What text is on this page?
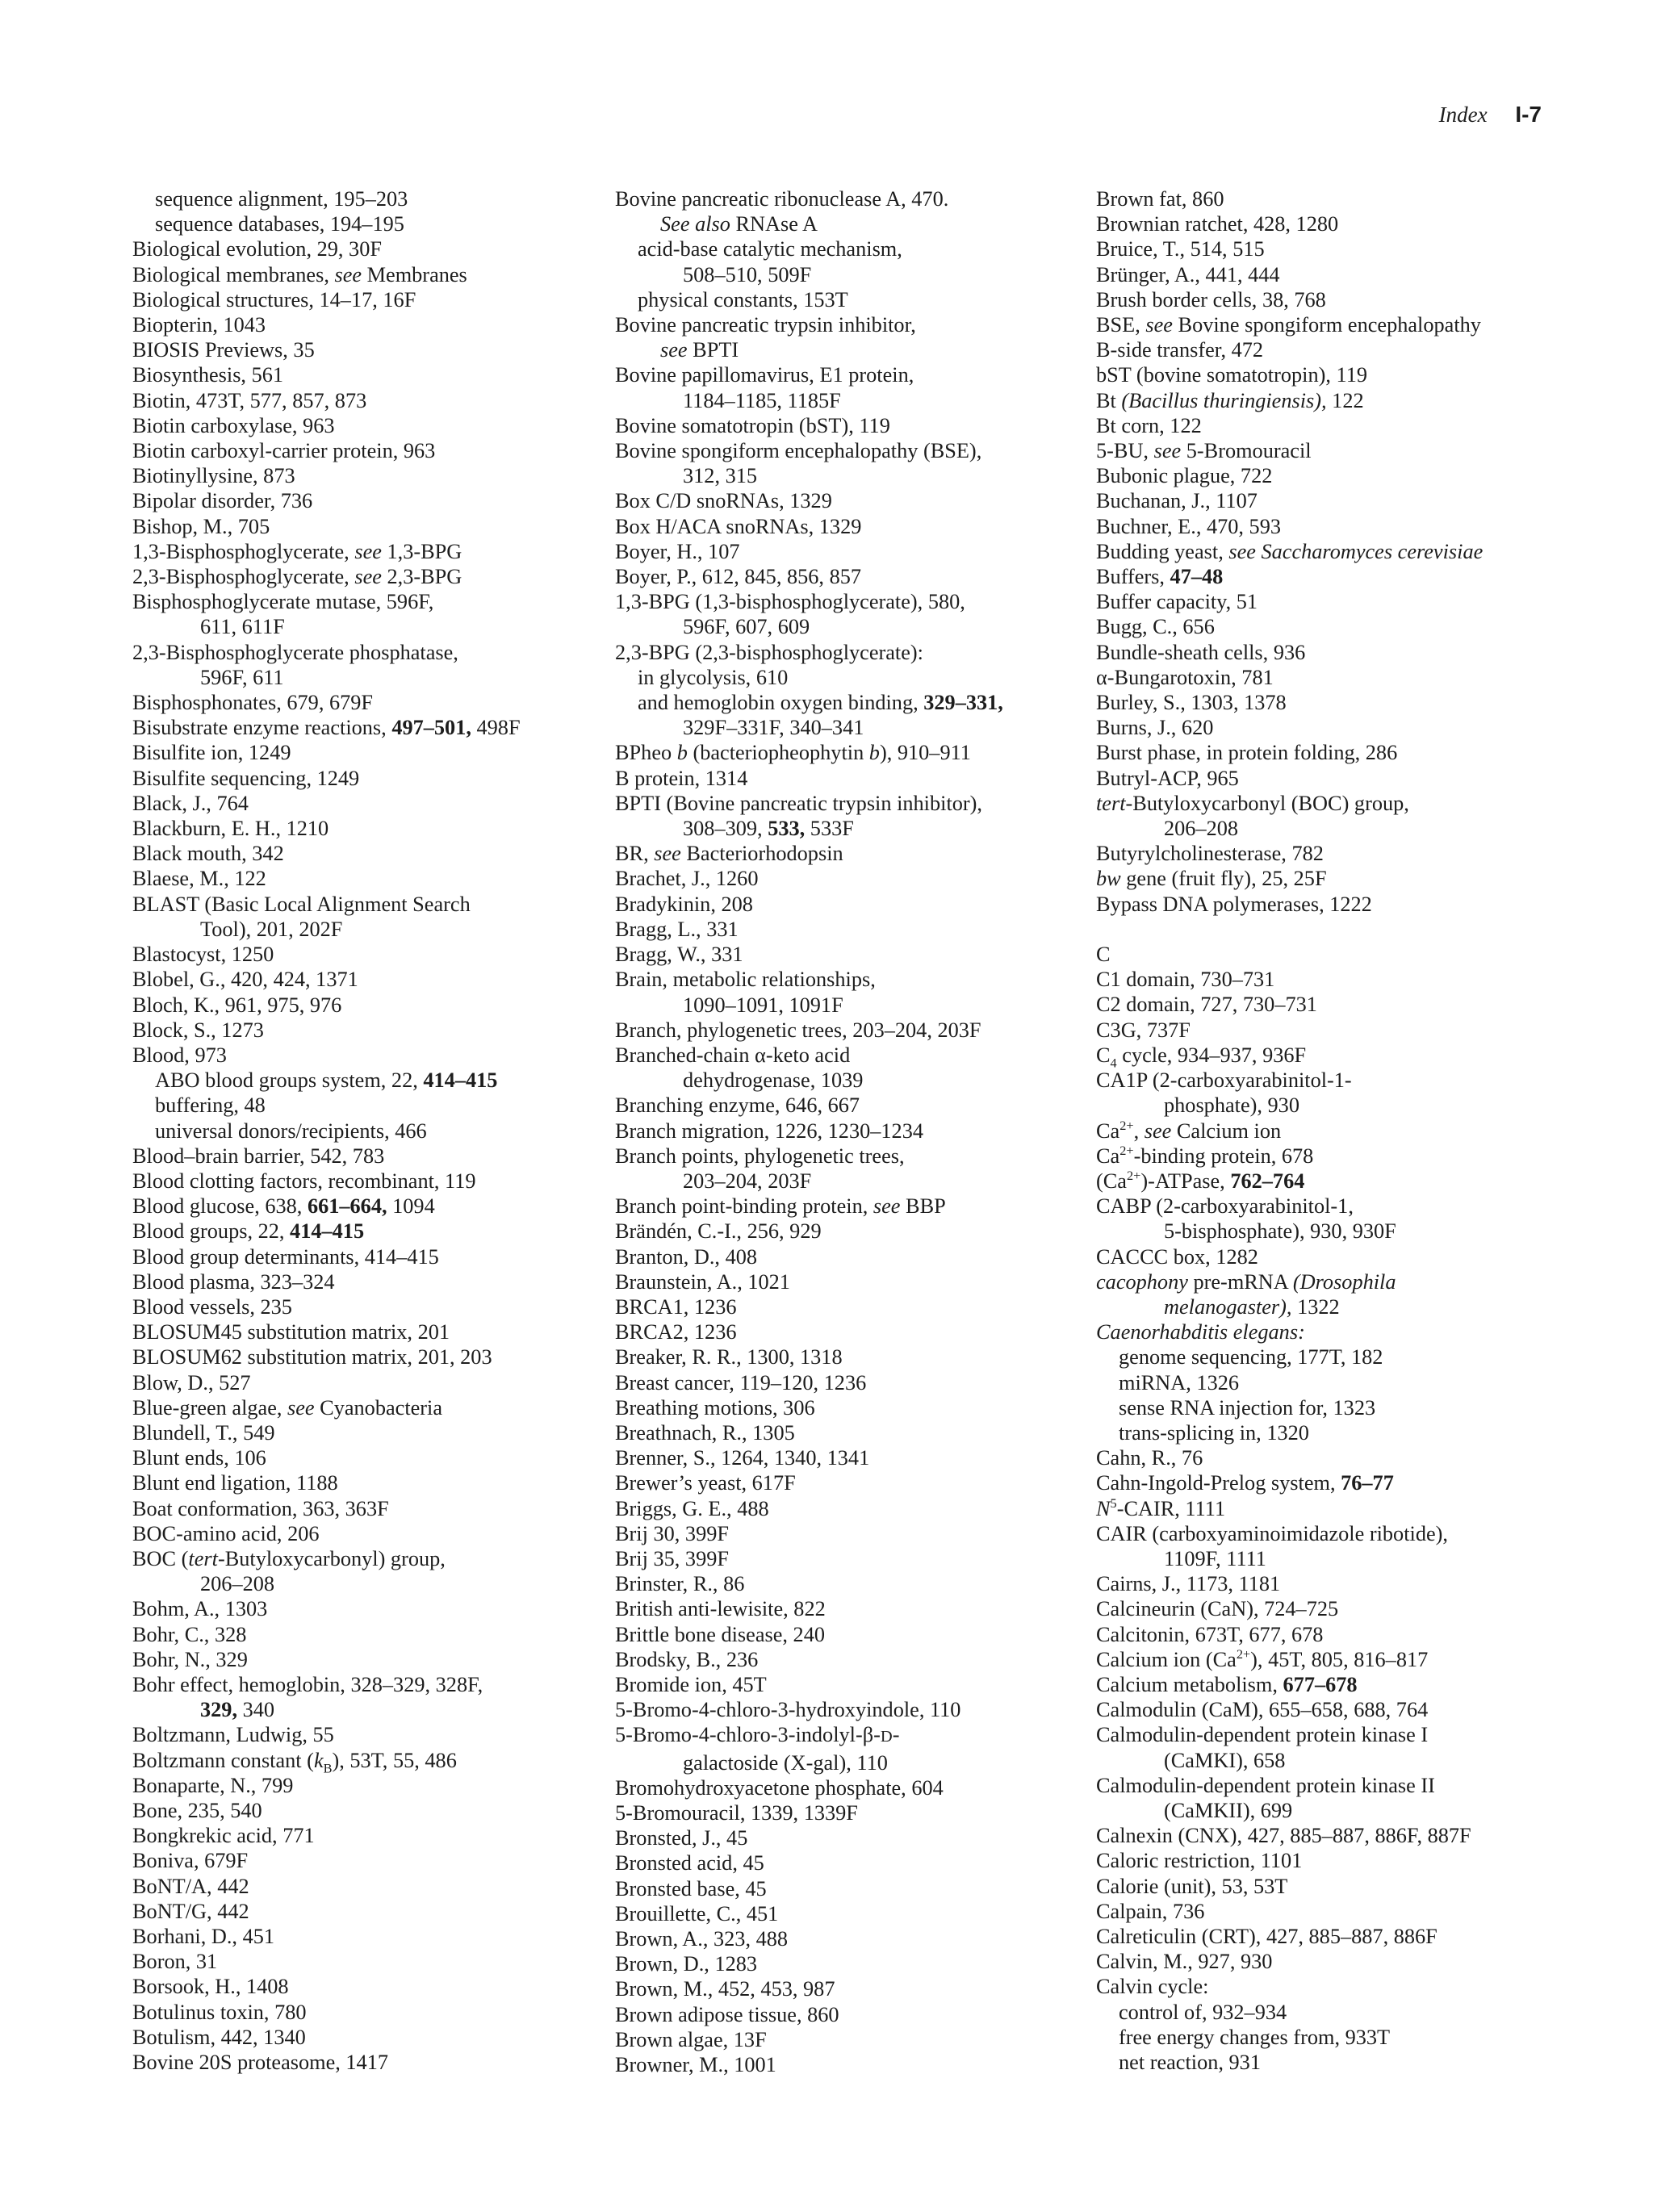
Index I-7
sequence alignment, 195–203
sequence databases, 194–195
Biological evolution, 29, 30F
Biological membranes, see Membranes
Biological structures, 14–17, 16F
Biopterin, 1043
BIOSIS Previews, 35
Biosynthesis, 561
Biotin, 473T, 577, 857, 873
Biotin carboxylase, 963
Biotin carboxyl-carrier protein, 963
Biotinyllysine, 873
Bipolar disorder, 736
Bishop, M., 705
1,3-Bisphosphoglycerate, see 1,3-BPG
2,3-Bisphosphoglycerate, see 2,3-BPG
Bisphosphoglycerate mutase, 596F,
611, 611F
2,3-Bisphosphoglycerate phosphatase,
596F, 611
Bisphosphonates, 679, 679F
Bisubstrate enzyme reactions, 497–501, 498F
Bisulfite ion, 1249
Bisulfite sequencing, 1249
Black, J., 764
Blackburn, E. H., 1210
Black mouth, 342
Blaese, M., 122
BLAST (Basic Local Alignment Search
Tool), 201, 202F
Blastocyst, 1250
Blobel, G., 420, 424, 1371
Bloch, K., 961, 975, 976
Block, S., 1273
Blood, 973
ABO blood groups system, 22, 414–415
buffering, 48
universal donors/recipients, 466
Blood–brain barrier, 542, 783
Blood clotting factors, recombinant, 119
Blood glucose, 638, 661–664, 1094
Blood groups, 22, 414–415
Blood group determinants, 414–415
Blood plasma, 323–324
Blood vessels, 235
BLOSUM45 substitution matrix, 201
BLOSUM62 substitution matrix, 201, 203
Blow, D., 527
Blue-green algae, see Cyanobacteria
Blundell, T., 549
Blunt ends, 106
Blunt end ligation, 1188
Boat conformation, 363, 363F
BOC-amino acid, 206
BOC (tert-Butyloxycarbonyl) group,
206–208
Bohm, A., 1303
Bohr, C., 328
Bohr, N., 329
Bohr effect, hemoglobin, 328–329, 328F,
329, 340
Boltzmann, Ludwig, 55
Boltzmann constant $(k_B)$, 53T, 55, 486
Bonaparte, N., 799
Bone, 235, 540
Bongkrekic acid, 771
Boniva, 679F
BoNT/A, 442
BoNT/G, 442
Borhani, D., 451
Boron, 31
Borsook, H., 1408
Botulinus toxin, 780
Botulism, 442, 1340
Bovine 20S proteasome, 1417
Bovine pancreatic ribonuclease A, 470.
See also RNAse A
acid-base catalytic mechanism,
508–510, 509F
physical constants, 153T
Bovine pancreatic trypsin inhibitor,
see BPTI
Bovine papillomavirus, E1 protein,
1184–1185, 1185F
Bovine somatotropin (bST), 119
Bovine spongiform encephalopathy (BSE),
312, 315
Box C/D snoRNAs, 1329
Box H/ACA snoRNAs, 1329
Boyer, H., 107
Boyer, P., 612, 845, 856, 857
1,3-BPG (1,3-bisphosphoglycerate), 580,
596F, 607, 609
2,3-BPG (2,3-bisphosphoglycerate):
in glycolysis, 610
and hemoglobin oxygen binding, 329–331,
329F–331F, 340–341
BPheo b (bacteriopheophytin b), 910–911
B protein, 1314
BPTI (Bovine pancreatic trypsin inhibitor),
308–309, 533, 533F
BR, see Bacteriorhodopsin
Brachet, J., 1260
Bradykinin, 208
Bragg, L., 331
Bragg, W., 331
Brain, metabolic relationships,
1090–1091, 1091F
Branch, phylogenetic trees, 203–204, 203F
Branched-chain α-keto acid
dehydrogenase, 1039
Branching enzyme, 646, 667
Branch migration, 1226, 1230–1234
Branch points, phylogenetic trees,
203–204, 203F
Branch point-binding protein, see BBP
Brändén, C.-I., 256, 929
Branton, D., 408
Braunstein, A., 1021
BRCA1, 1236
BRCA2, 1236
Breaker, R. R., 1300, 1318
Breast cancer, 119–120, 1236
Breathing motions, 306
Breathnach, R., 1305
Brenner, S., 1264, 1340, 1341
Brewer’s yeast, 617F
Briggs, G. E., 488
Brij 30, 399F
Brij 35, 399F
Brinster, R., 86
British anti-lewisite, 822
Brittle bone disease, 240
Brodsky, B., 236
Bromide ion, 45T
5-Bromo-4-chloro-3-hydroxyindole, 110
5-Bromo-4-chloro-3-indolyl-β-D-
galactoside (X-gal), 110
Bromohydroxyacetone phosphate, 604
5-Bromouracil, 1339, 1339F
Bronsted, J., 45
Bronsted acid, 45
Bronsted base, 45
Brouillette, C., 451
Brown, A., 323, 488
Brown, D., 1283
Brown, M., 452, 453, 987
Brown adipose tissue, 860
Brown algae, 13F
Browner, M., 1001
Brown fat, 860
Brownian ratchet, 428, 1280
Bruice, T., 514, 515
Brünger, A., 441, 444
Brush border cells, 38, 768
BSE, see Bovine spongiform encephalopathy
B-side transfer, 472
bST (bovine somatotropin), 119
Bt (Bacillus thuringiensis), 122
Bt corn, 122
5-BU, see 5-Bromouracil
Bubonic plague, 722
Buchanan, J., 1107
Buchner, E., 470, 593
Budding yeast, see Saccharomyces cerevisiae
Buffers, 47–48
Buffer capacity, 51
Bugg, C., 656
Bundle-sheath cells, 936
α-Bungarotoxin, 781
Burley, S., 1303, 1378
Burns, J., 620
Burst phase, in protein folding, 286
Butryl-ACP, 965
tert-Butyloxycarbonyl (BOC) group,
206–208
Butyrylcholinesterase, 782
bw gene (fruit fly), 25, 25F
Bypass DNA polymerases, 1222
C
C1 domain, 730–731
C2 domain, 727, 730–731
C3G, 737F
$C_4$ cycle, 934–937, 936F
CA1P (2-carboxyarabinitol-1-
phosphate), 930
$Ca^{2+}$, see Calcium ion
$Ca^{2+}$-binding protein, 678
$(Ca^{2+})$-ATPase, 762–764
CABP (2-carboxyarabinitol-1,
5-bisphosphate), 930, 930F
CACCC box, 1282
cacophony pre-mRNA (Drosophila
melanogaster), 1322
Caenorhabditis elegans:
genome sequencing, 177T, 182
miRNA, 1326
sense RNA injection for, 1323
trans-splicing in, 1320
Cahn, R., 76
Cahn-Ingold-Prelog system, 76–77
$N^5$-CAIR, 1111
CAIR (carboxyaminoimidazole ribotide),
1109F, 1111
Cairns, J., 1173, 1181
Calcineurin (CaN), 724–725
Calcitonin, 673T, 677, 678
Calcium ion $(Ca^{2+})$, 45T, 805, 816–817
Calcium metabolism, 677–678
Calmodulin (CaM), 655–658, 688, 764
Calmodulin-dependent protein kinase I
(CaMKI), 658
Calmodulin-dependent protein kinase II
(CaMKII), 699
Calnexin (CNX), 427, 885–887, 886F, 887F
Caloric restriction, 1101
Calorie (unit), 53, 53T
Calpain, 736
Calreticulin (CRT), 427, 885–887, 886F
Calvin, M., 927, 930
Calvin cycle:
control of, 932–934
free energy changes from, 933T
net reaction, 931
